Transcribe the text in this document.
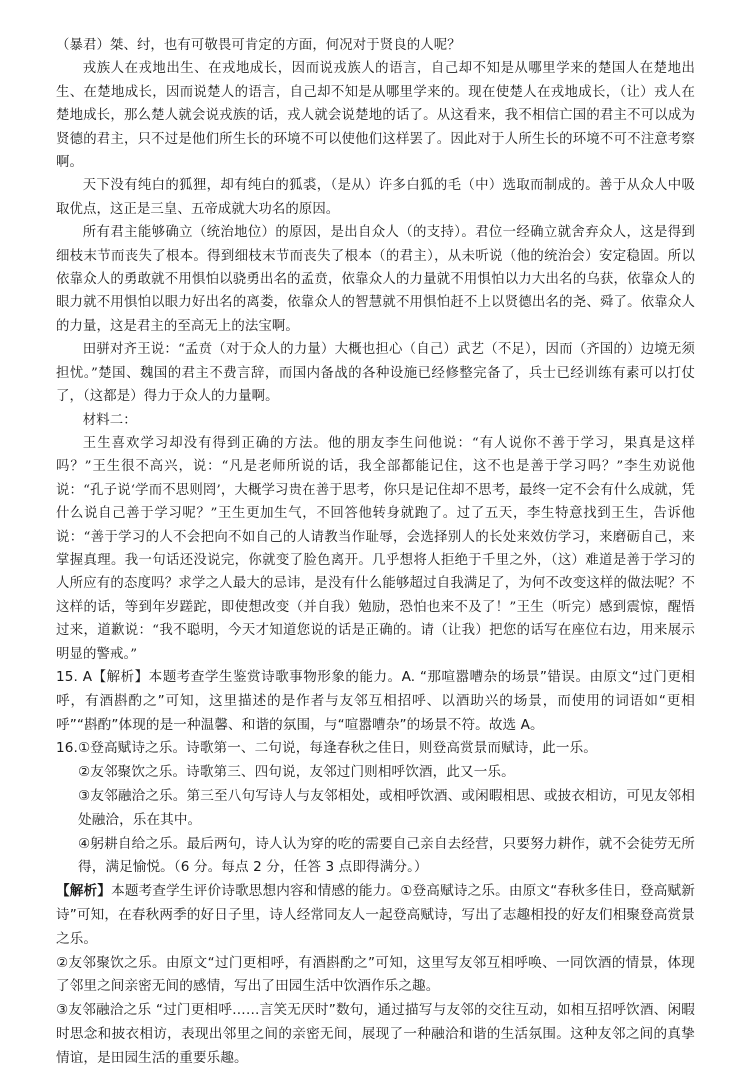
（暴君）桀、纣，也有可敬畏可肯定的方面，何况对于贤良的人呢？

戎族人在戎地出生、在戎地成长，因而说戎族人的语言，自己却不知是从哪里学来的楚国人在楚地出生、在楚地成长，因而说楚人的语言，自己却不知是从哪里学来的。现在使楚人在戎地成长，（让）戎人在楚地成长，那么楚人就会说戎族的话，戎人就会说楚地的话了。从这看来，我不相信亡国的君主不可以成为贤德的君主，只不过是他们所生长的环境不可以使他们这样罢了。因此对于人所生长的环境不可不注意考察啊。

天下没有纯白的狐狸，却有纯白的狐裘，（是从）许多白狐的毛（中）选取而制成的。善于从众人中吸取优点，这正是三皇、五帝成就大功名的原因。

所有君主能够确立（统治地位）的原因，是出自众人（的支持）。君位一经确立就舍弃众人，这是得到细枝末节而丧失了根本。得到细枝末节而丧失了根本（的君主），从未听说（他的统治会）安定稳固。所以依靠众人的勇敢就不用惧怕以骁勇出名的孟贲，依靠众人的力量就不用惧怕以力大出名的乌获，依靠众人的眼力就不用惧怕以眼力好出名的离娄，依靠众人的智慧就不用惧怕赶不上以贤德出名的尧、舜了。依靠众人的力量，这是君主的至高无上的法宝啊。

田骈对齐王说：“孟贲（对于众人的力量）大概也担心（自己）武艺（不足），因而（齐国的）边境无须担忧。”楚国、魏国的君主不费言辞，而国内备战的各种设施已经修整完备了，兵士已经训练有素可以打仗了，（这都是）得力于众人的力量啊。

材料二：

王生喜欢学习却没有得到正确的方法。他的朋友李生问他说：“有人说你不善于学习，果真是这样吗？”王生很不高兴，说：“凡是老师所说的话，我全部都能记住，这不也是善于学习吗？”李生劝说他说：“孔子说‘学而不思则罔’，大概学习贵在善于思考，你只是记住却不思考，最终一定不会有什么成就，凭什么说自己善于学习呢？”王生更加生气，不回答他转身就跑了。过了五天，李生特意找到王生，告诉他说：“善于学习的人不会把向不如自己的人请教当作耻辱，会选择别人的长处来效仿学习，来磨砺自己，来掌握真理。我一句话还没说完，你就变了脸色离开。几乎想将人拒绝于千里之外，（这）难道是善于学习的人所应有的态度吗？求学之人最大的忌讳，是没有什么能够超过自我满足了，为何不改变这样的做法呢？不这样的话，等到年岁蹉跎，即使想改变（并自我）勉励，恐怕也来不及了！”王生（听完）感到震惊，醒悟过来，道歉说：“我不聪明，今天才知道您说的话是正确的。请（让我）把您的话写在座位右边，用来展示明显的警戒。”

15. A【解析】本题考查学生鉴赏诗歌事物形象的能力。A. “那喧嚣嘈杂的场景”错误。由原文“过门更相呼，有酒斟酌之”可知，这里描述的是作者与友邻互相招呼、以酒助兴的场景，而使用的词语如“更相呼”“斟酌”体现的是一种温馨、和谐的氛围，与“喧嚣嘈杂”的场景不符。故选 A。

16.①登高赋诗之乐。诗歌第一、二句说，每逢春秋之佳日，则登高赏景而赋诗，此一乐。

②友邻聚饮之乐。诗歌第三、四句说，友邻过门则相呼饮酒，此又一乐。

③友邻融洽之乐。第三至八句写诗人与友邻相处，或相呼饮酒、或闲暇相思、或披衣相访，可见友邻相处融洽，乐在其中。

④躬耕自给之乐。最后两句，诗人认为穿的吃的需要自己亲自去经营，只要努力耕作，就不会徒劳无所得，满足愉悦。（6 分。每点 2 分，任答 3 点即得满分。）

【解析】本题考查学生评价诗歌思想内容和情感的能力。①登高赋诗之乐。由原文“春秋多佳日，登高赋新诗”可知，在春秋两季的好日子里，诗人经常同友人一起登高赋诗，写出了志趣相投的好友们相聚登高赏景之乐。

②友邻聚饮之乐。由原文“过门更相呼，有酒斟酌之”可知，这里写友邻互相呼唤、一同饮酒的情景，体现了邻里之间亲密无间的感情，写出了田园生活中饮酒作乐之趣。

③友邻融洽之乐 “过门更相呼……言笑无厌时”数句，通过描写与友邻的交往互动，如相互招呼饮酒、闲暇时思念和披衣相访，表现出邻里之间的亲密无间，展现了一种融洽和谐的生活氛围。这种友邻之间的真挚情谊，是田园生活的重要乐趣。
